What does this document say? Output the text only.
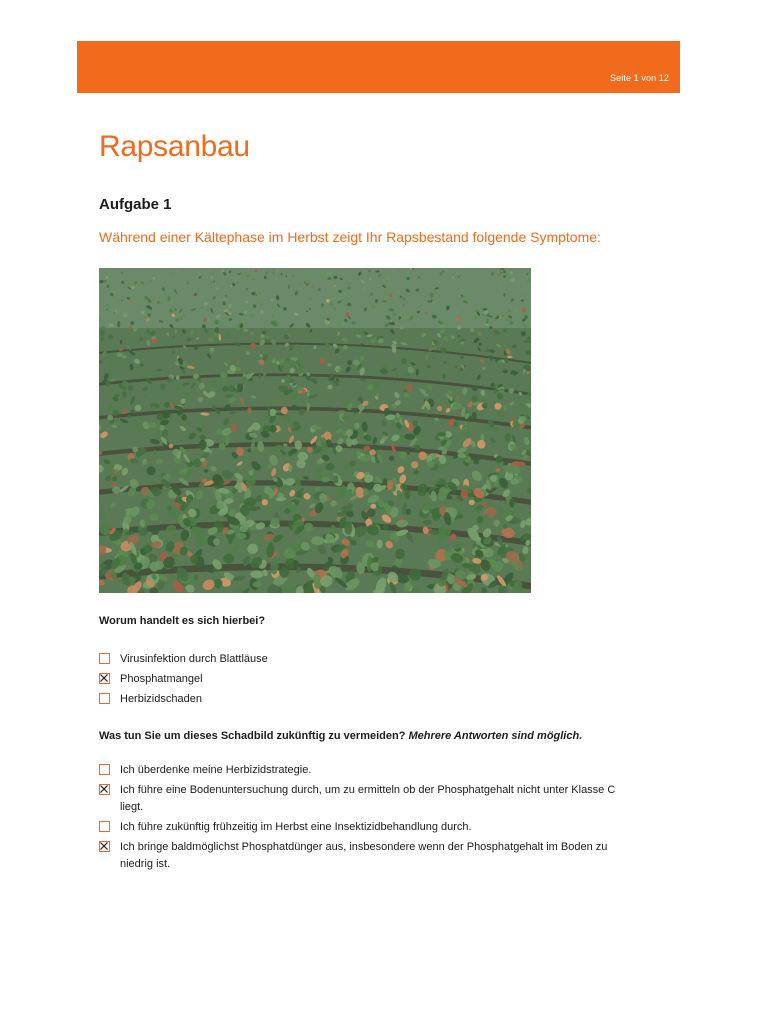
Seite 1 von 12
Rapsanbau
Aufgabe 1

Während einer Kältephase im Herbst zeigt Ihr Rapsbestand folgende Symptome:

Worum handelt es sich hierbei?

Virusinfektion durch Blattläuse
Phosphatmangel
Herbizidschaden

Was tun Sie um dieses Schadbild zukünftig zu vermeiden? Mehrere Antworten sind möglich.

Ich überdenke meine Herbizidstrategie.
Ich führe eine Bodenuntersuchung durch, um zu ermitteln ob der Phosphatgehalt nicht unter Klasse C liegt.
Ich führe zukünftig frühzeitig im Herbst eine Insektizidbehandlung durch.
Ich bringe baldmöglichst Phosphatdünger aus, insbesondere wenn der Phosphatgehalt im Boden zu niedrig ist.
